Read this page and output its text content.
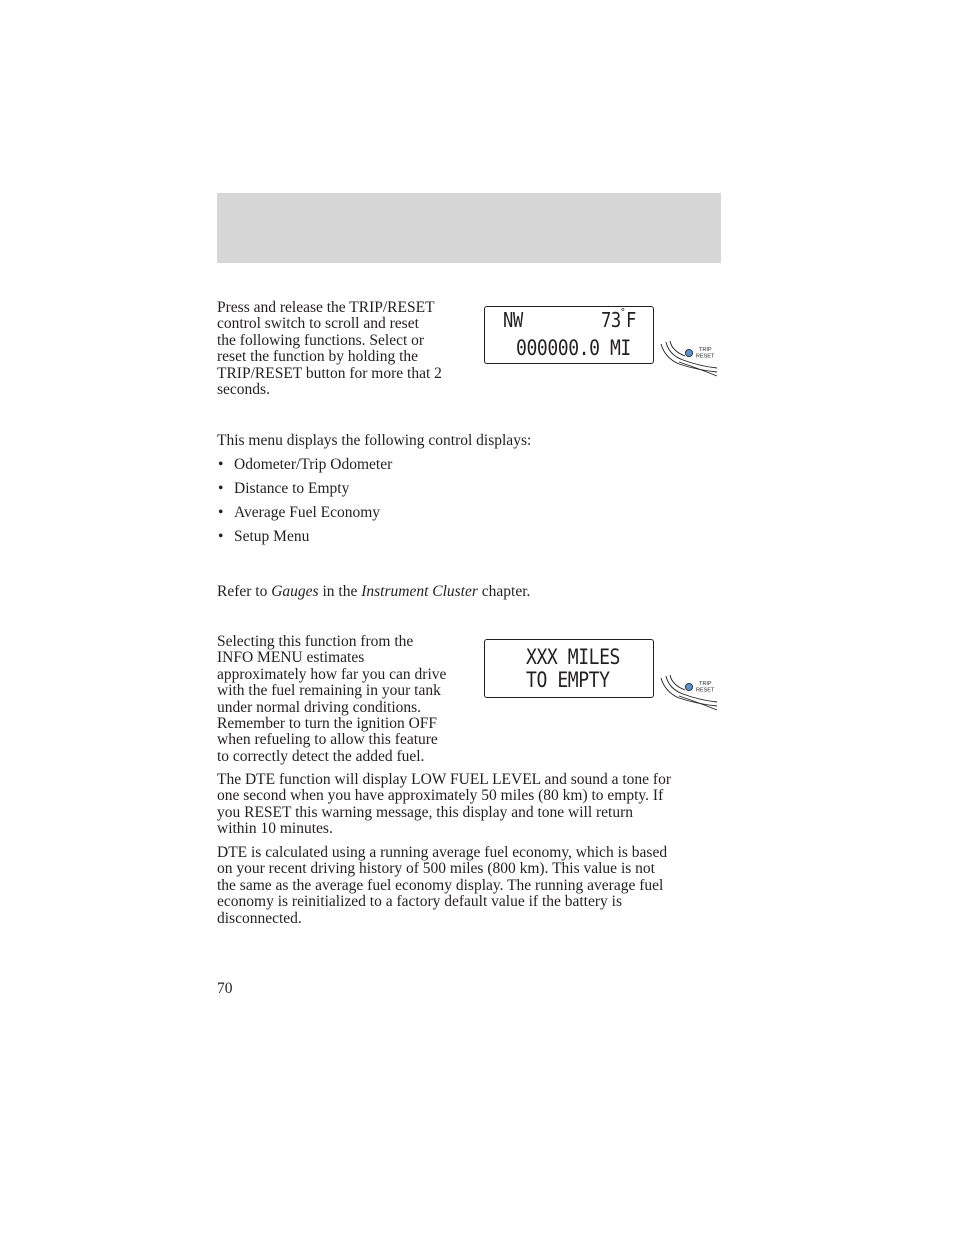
Press and release the TRIP/RESET

control switch to scroll and reset

the following functions. Select or

reset the function by holding the

TRIP/RESET button for more that 2

seconds.

NW	73 ° F
000000.0 MI	TRIP
RESET

This menu displays the following control displays:

• Odometer/Trip Odometer
• Distance to Empty
• Average Fuel Economy
• Setup Menu

Refer to Gauges in the Instrument Cluster chapter.

Selecting this function from the

INFO MENU estimates

approximately how far you can drive

with the fuel remaining in your tank

under normal driving conditions.

Remember to turn the ignition OFF

when refueling to allow this feature

to correctly detect the added fuel.

XXX MILES
TO EMPTY	TRIP
RESET

The DTE function will display LOW FUEL LEVEL and sound a tone for

one second when you have approximately 50 miles (80 km) to empty. If

you RESET this warning message, this display and tone will return

within 10 minutes.

DTE is calculated using a running average fuel economy, which is based

on your recent driving history of 500 miles (800 km). This value is not

the same as the average fuel economy display. The running average fuel

economy is reinitialized to a factory default value if the battery is

disconnected.

70
